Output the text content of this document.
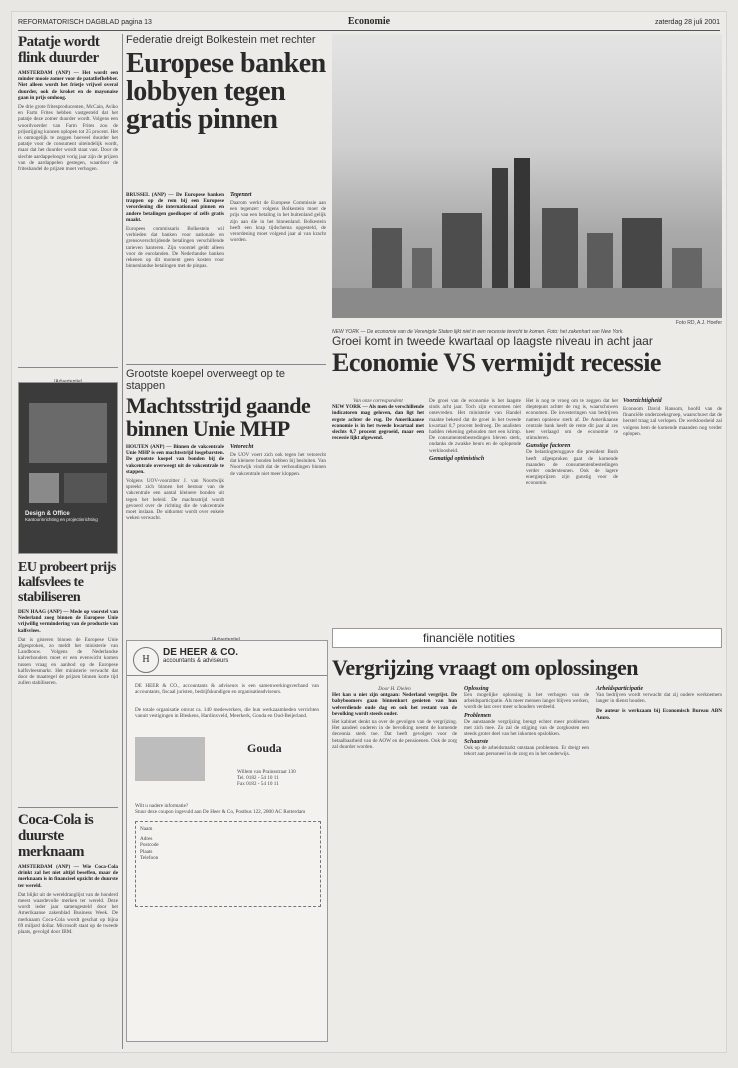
REFORMATORISCH DAGBLAD pagina 13	Economie	zaterdag 28 juli 2001
Patatje wordt flink duurder
AMSTERDAM (ANP) — Het wordt een minder mooie zomer voor de patatliefhebber. Niet alleen wordt het frietje vrijwel overal duurder, ook de kroket en de mayonaise gaan in prijs omhoog.
De drie grote fritesproducenten, McCain, Aviko en Farm Frites hebben vastgesteld dat het patatje deze zomer duurder wordt. Volgens een woordvoerder van Farm Frites zou de prijsstijging kunnen oplopen tot 25 procent. Het is onmogelijk te zeggen hoeveel duurder het patatje voor de consument uiteindelijk wordt, maar dat het duurder wordt staat vast. Door de slechte aardappeloogst vorig jaar zijn de prijzen van de aardappelen gestegen, waardoor de friteshandel de prijzen moet verhogen.
Design & Office
Kantoorinrichting en projectinrichting
EU probeert prijs kalfsvlees te stabiliseren
DEN HAAG (ANP) — Mede op voorstel van Nederland zoeg binnen de Europese Unie vrijwillig vermindering van de productie van kalfsvlees.
Dat is gisteren binnen de Europese Unie afgesproken, zo meldt het ministerie van Landbouw. Volgens de Nederlandse kalverhouders moet er een evenwicht komen tussen vraag en aanbod op de Europese kalfsvleesmarkt. Het ministerie verwacht dat door de maatregel de prijzen binnen korte tijd zullen stabiliseren.
Coca-Cola is duurste merknaam
AMSTERDAM (ANP) — Wie Coca-Cola drinkt zal het niet altijd beseffen, maar de merknaam is in financieel opzicht de duurste ter wereld.
Dat blijkt uit de wereldranglijst van de honderd meest waardevolle merken ter wereld. Deze wordt ieder jaar samengesteld door het Amerikaanse zakenblad Business Week. De merknaam Coca-Cola wordt geschat op bijna 69 miljard dollar. Microsoft staat op de tweede plaats, gevolgd door IBM.
Federatie dreigt Bolkestein met rechter
Europese banken lobbyen tegen gratis pinnen
BRUSSEL (ANP) — De Europese banken trappen op de rem bij een Europese verordening die internationaal pinnen en andere betalingen goedkoper of zelfs gratis maakt.
Europees commissaris Bolkestein wil verbieden dat banken voor nationale en grensoverschrijdende betalingen verschillende tarieven hanteren. Zijn voorstel geldt alleen voor de eurolanden. De Nederlandse banken rekenen op dit moment geen kosten voor binnenlandse betalingen met de pinpas.
Tegenzet
Daarom werkt de Europese Commissie aan een tegenzet: volgens Bolkestein moet de prijs van een betaling in het buitenland gelijk zijn aan die in het binnenland. Bolkestein heeft een krap tijdschema opgesteld, de verordening moet volgend jaar al van kracht worden.
NEW YORK — De economie van de Verenigde Staten lijkt niet in een recessie terecht te komen. Foto: het zakenhart van New York.
Foto RD, A.J. Hoefer
Grootste koepel overweegt op te stappen
Machtsstrijd gaande binnen Unie MHP
HOUTEN (ANP) — Binnen de vakcentrale Unie MHP is een machtsstrijd losgebarsten. De grootste koepel van bonden bij de vakcentrale overweegt uit de vakcentrale te stappen.
Volgens UOV-voorzitter J. van Noortwijk spreekt zich binnen het bestuur van de vakcentrale een aantal kleinere bonden uit tegen het beleid. De machtsstrijd wordt gevoerd over de richting die de vakcentrale moet inslaan. De uitkomst wordt over enkele weken verwacht.
Vetorecht
De UOV voert zich ook tegen het vetorecht dat kleinere bonden hebben bij besluiten. Van Noortwijk vindt dat de verhoudingen binnen de vakcentrale niet meer kloppen.
Groei komt in tweede kwartaal op laagste niveau in acht jaar
Economie VS vermijdt recessie
Van onze correspondent
NEW YORK — Als men de verschillende indicatoren mag geloven, dan ligt het ergste achter de rug. De Amerikaanse economie is in het tweede kwartaal met slechts 0,7 procent gegroeid, maar een recessie lijkt afgewend.
De groei van de economie is het laagste sinds acht jaar. Toch zijn economen niet ontevreden. Het ministerie van Handel maakte bekend dat de groei in het tweede kwartaal 0,7 procent bedroeg. De analisten hadden rekening gehouden met een krimp. De consumentenbestedingen bleven sterk, ondanks de zwakke beurs en de oplopende werkloosheid.
Gematigd optimistisch
Het is nog te vroeg om te zeggen dat het dieptepunt achter de rug is, waarschuwen economen. De investeringen van bedrijven namen opnieuw sterk af. De Amerikaanse centrale bank heeft de rente dit jaar al zes keer verlaagd om de economie te stimuleren.
Gunstige factoren
De belastingteruggave die president Bush heeft afgesproken gaat de komende maanden de consumentenbestedingen verder ondersteunen. Ook de lagere energieprijzen zijn gunstig voor de economie.
Voorzichtigheid
Econoom David Ransom, hoofd van de financiële onderzoeksgroep, waarschuwt dat de herstel traag zal verlopen. De werkloosheid zal volgens hem de komende maanden nog verder oplopen.
H
DE HEER & CO.
accountants & adviseurs
DE HEER & CO., accountants & adviseurs is een samenwerkingsverband van accountants, fiscaal juristen, bedrijfskundigen en organisatieadviseurs.
De totale organisatie omvat ca. 140 medewerkers, die hun werkzaamheden verrichten vanuit vestigingen in Bleskens, Hardinxveld, Meerkerk, Gouda en Oud-Beijerland.
Gouda
Willem van Prainsstraat 130
Tel. 0182 - 54 10 11
Fax 0182 - 54 10 11
Wilt u nadere informatie?
Stuur deze coupon ingevuld aan De Heer & Co, Postbus 122, 2800 AC Rotterdam
Naam
Adres
Postcode
Plaats
Telefoon
financiële notities
Vergrijzing vraagt om oplossingen
Door H. Dielen
Het kan u niet zijn ontgaan: Nederland vergrijst. De babyboomers gaan binnenkort genieten van hun welverdiende oude dag en ook het restant van de bevolking wordt steeds ouder.
Het kabinet denkt na over de gevolgen van de vergrijzing. Het aandeel ouderen in de bevolking neemt de komende decennia sterk toe. Dat heeft gevolgen voor de betaalbaarheid van de AOW en de pensioenen. Ook de zorg zal duurder worden.
Oplossing
Een mogelijke oplossing is het verhogen van de arbeidsparticipatie. Als meer mensen langer blijven werken, wordt de last over meer schouders verdeeld.
Problemen
De aanstaande vergrijzing brengt echter meer problemen met zich mee. Zo zal de stijging van de zorgkosten een steeds groter deel van het inkomen opslokken.
Schaarste
Ook op de arbeidsmarkt ontstaan problemen. Er dreigt een tekort aan personeel in de zorg en in het onderwijs.
Arbeidsparticipatie
Van bedrijven wordt verwacht dat zij oudere werknemers langer in dienst houden.
De auteur is werkzaam bij Economisch Bureau ABN Amro.
